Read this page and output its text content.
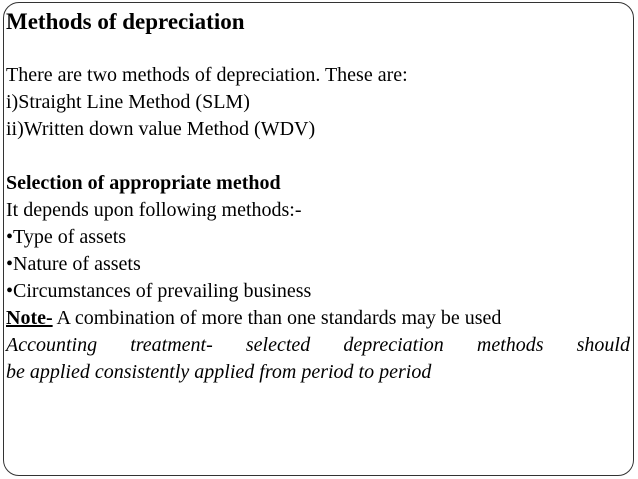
Methods of depreciation
There are two methods of depreciation. These are:
i)Straight Line Method (SLM)
ii)Written down value Method (WDV)
Selection of appropriate method
It depends upon following methods:-
•Type of assets
•Nature of assets
•Circumstances of prevailing business
Note- A combination of more than one standards may be used
Accounting treatment- selected depreciation methods should
be applied consistently applied from period to period
